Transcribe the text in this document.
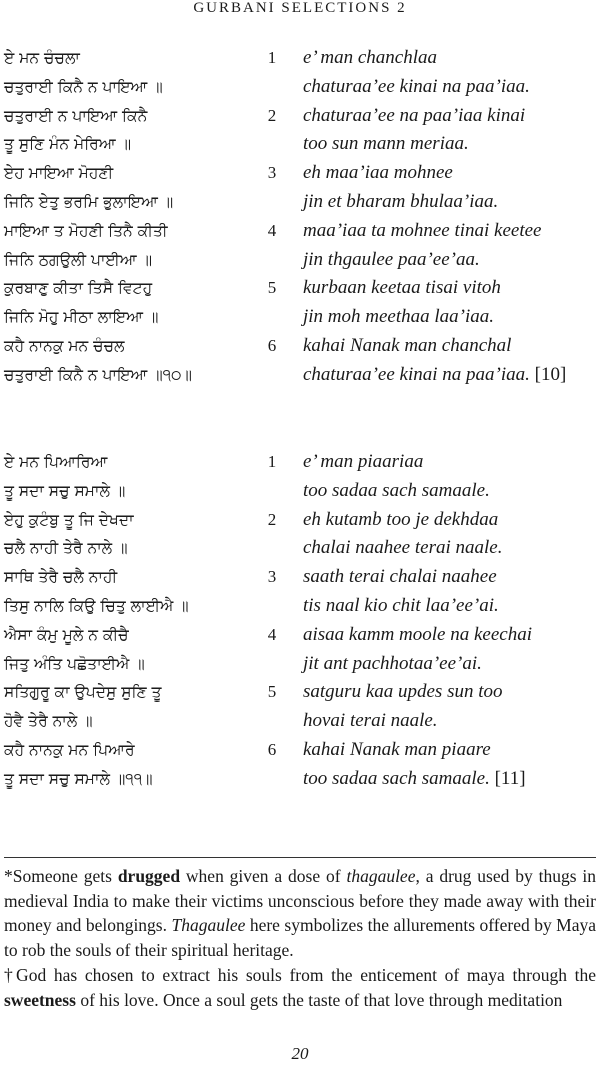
GURBANI SELECTIONS 2
ਏ ਮਨ ਚੰਚਲਾ	1	e’ man chanchlaa
ਚਤੁਰਾਈ ਕਿਨੈ ਨ ਪਾਇਆ ॥	chaturaa’ee kinai na paa’iaa.
ਚਤੁਰਾਈ ਨ ਪਾਇਆ ਕਿਨੈ	2	chaturaa’ee na paa’iaa kinai
ਤੂ ਸੁਣਿ ਮੰਨ ਮੇਰਿਆ ॥	too sun mann meriaa.
ਏਹ ਮਾਇਆ ਮੋਹਣੀ	3	eh maa’iaa mohnee
ਜਿਨਿ ਏਤੁ ਭਰਮਿ ਭੁਲਾਇਆ ॥	jin et bharam bhulaa’iaa.
ਮਾਇਆ ਤ ਮੋਹਣੀ ਤਿਨੈ ਕੀਤੀ	4	maa’iaa ta mohnee tinai keetee
ਜਿਨਿ ਠਗਉਲੀ ਪਾਈਆ ॥	jin thgaulee paa’ee’aa.
ਕੁਰਬਾਣੁ ਕੀਤਾ ਤਿਸੈ ਵਿਟਹੁ	5	kurbaan keetaa tisai vitoh
ਜਿਨਿ ਮੋਹੁ ਮੀਠਾ ਲਾਇਆ ॥	jin moh meethaa laa’iaa.
ਕਹੈ ਨਾਨਕੁ ਮਨ ਚੰਚਲ	6	kahai Nanak man chanchal
ਚਤੁਰਾਈ ਕਿਨੈ ਨ ਪਾਇਆ ॥੧੦॥	chaturaa’ee kinai na paa’iaa. [10]
ਏ ਮਨ ਪਿਆਰਿਆ	1	e’ man piaariaa
ਤੂ ਸਦਾ ਸਚੁ ਸਮਾਲੇ ॥	too sadaa sach samaale.
ਏਹੁ ਕੁਟੰਬੁ ਤੂ ਜਿ ਦੇਖਦਾ	2	eh kutamb too je dekhdaa
ਚਲੈ ਨਾਹੀ ਤੇਰੈ ਨਾਲੇ ॥	chalai naahee terai naale.
ਸਾਥਿ ਤੇਰੈ ਚਲੈ ਨਾਹੀ	3	saath terai chalai naahee
ਤਿਸੁ ਨਾਲਿ ਕਿਉ ਚਿਤੁ ਲਾਈਐ ॥	tis naal kio chit laa’ee’ai.
ਐਸਾ ਕੰਮੁ ਮੂਲੇ ਨ ਕੀਚੈ	4	aisaa kamm moole na keechai
ਜਿਤੁ ਅੰਤਿ ਪਛੋਤਾਈਐ ॥	jit ant pachhotaa’ee’ai.
ਸਤਿਗੁਰੂ ਕਾ ਉਪਦੇਸੁ ਸੁਣਿ ਤੂ	5	satguru kaa updes sun too
ਹੋਵੈ ਤੇਰੈ ਨਾਲੇ ॥	hovai terai naale.
ਕਹੈ ਨਾਨਕੁ ਮਨ ਪਿਆਰੇ	6	kahai Nanak man piaare
ਤੂ ਸਦਾ ਸਚੁ ਸਮਾਲੇ ॥੧੧॥	too sadaa sach samaale. [11]
*Someone gets drugged when given a dose of thagaulee, a drug used by thugs in medieval India to make their victims unconscious before they made away with their money and belongings. Thagaulee here symbolizes the allurements offered by Maya to rob the souls of their spiritual heritage.
†God has chosen to extract his souls from the enticement of maya through the sweetness of his love. Once a soul gets the taste of that love through meditation
20
